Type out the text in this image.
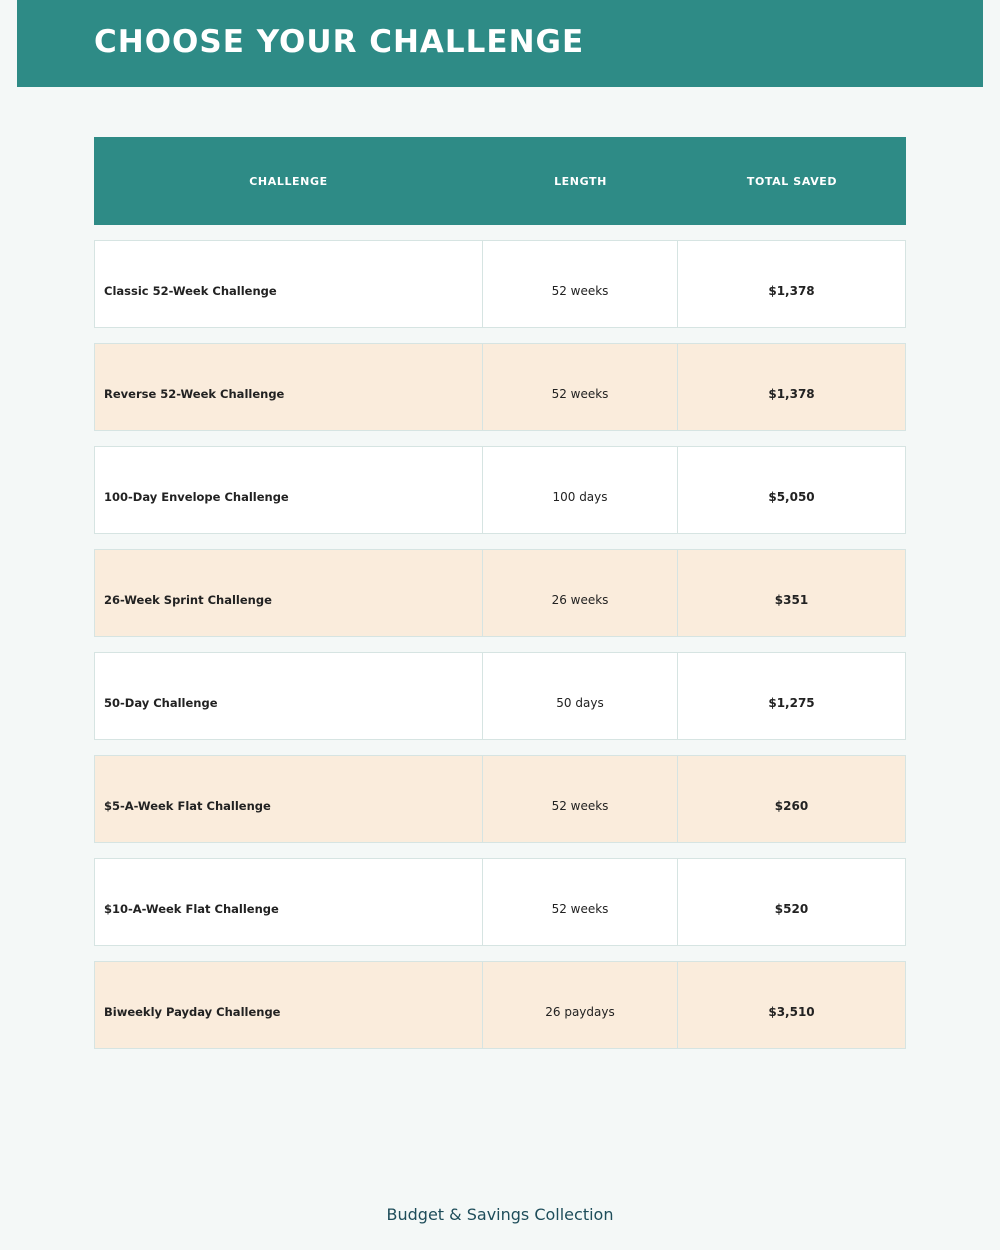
CHOOSE YOUR CHALLENGE
CHALLENGE	LENGTH	TOTAL SAVED
Classic 52-Week Challenge	52 weeks	$1,378
Reverse 52-Week Challenge	52 weeks	$1,378
100-Day Envelope Challenge	100 days	$5,050
26-Week Sprint Challenge	26 weeks	$351
50-Day Challenge	50 days	$1,275
$5-A-Week Flat Challenge	52 weeks	$260
$10-A-Week Flat Challenge	52 weeks	$520
Biweekly Payday Challenge	26 paydays	$3,510
Budget & Savings Collection
